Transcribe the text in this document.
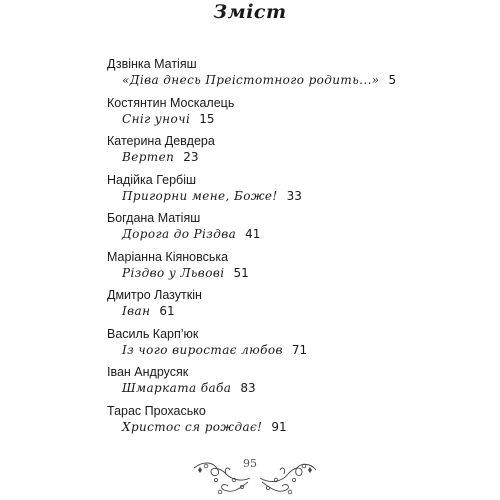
Зміст
Дзвінка Матіяш
«Діва днесь Преістотного родить...» 5
Костянтин Москалець
Сніг уночі 15
Катерина Девдера
Вертеп 23
Надійка Гербіш
Пригорни мене, Боже! 33
Богдана Матіяш
Дорога до Різдва 41
Маріанна Кіяновська
Різдво у Львові 51
Дмитро Лазуткін
Іван 61
Василь Карп’юк
Із чого виростає любов 71
Іван Андрусяк
Шмарката баба 83
Тарас Прохасько
Христос ся рождає! 91
95
